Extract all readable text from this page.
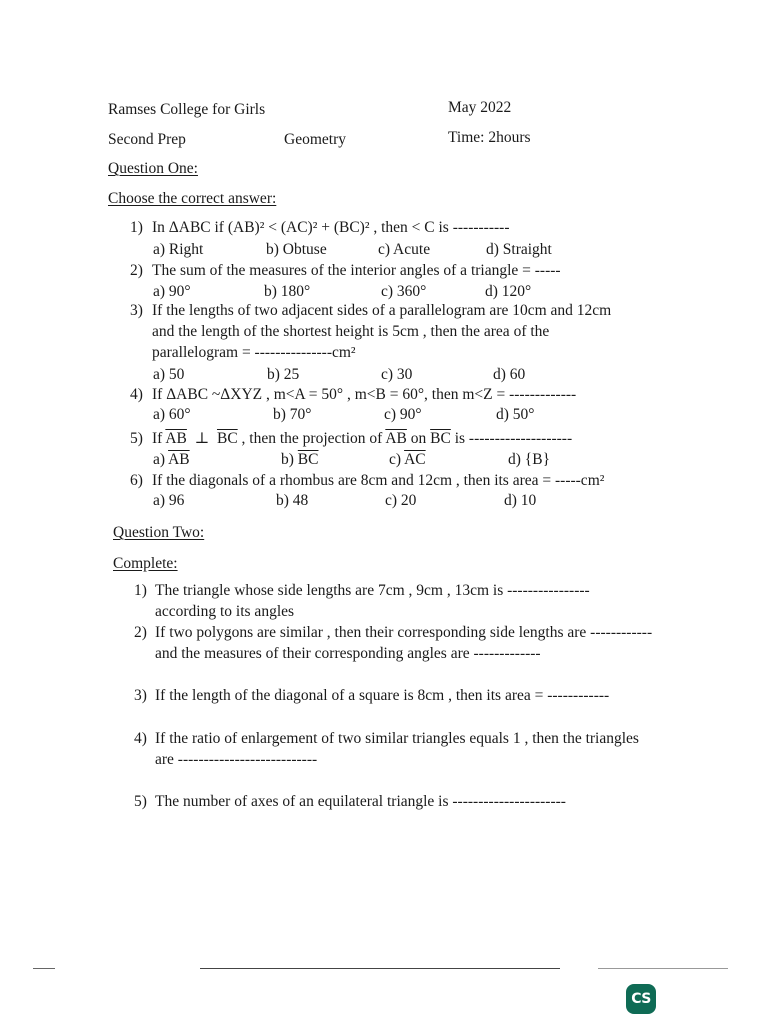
Ramses College for Girls	May 2022
Second Prep	Geometry	Time: 2hours
Question One:
Choose the correct answer:
1) In ΔABC if (AB)² < (AC)² + (BC)² , then < C is -----------
a) Right	b) Obtuse	c) Acute	d) Straight
2) The sum of the measures of the interior angles of a triangle = -----
a) 90°	b) 180°	c) 360°	d) 120°
3) If the lengths of two adjacent sides of a parallelogram are 10cm and 12cm
and the length of the shortest height is 5cm , then the area of the
parallelogram = ---------------cm²
a) 50	b) 25	c) 30	d) 60
4) If ΔABC ~ΔXYZ , m<A = 50° , m<B = 60°, then m<Z = -------------
a) 60°	b) 70°	c) 90°	d) 50°
5) If $\overline{AB}$ ⊥ $\overline{BC}$ , then the projection of $\overline{AB}$ on $\overline{BC}$ is --------------------
a) $\overline{AB}$	b) $\overline{BC}$	c) $\overline{AC}$	d) {B}
6) If the diagonals of a rhombus are 8cm and 12cm , then its area = -----cm²
a) 96	b) 48	c) 20	d) 10
Question Two:
Complete:
1) The triangle whose side lengths are 7cm , 9cm , 13cm is ----------------
according to its angles
2) If two polygons are similar , then their corresponding side lengths are ------------
and the measures of their corresponding angles are -------------
3) If the length of the diagonal of a square is 8cm , then its area = ------------
4) If the ratio of enlargement of two similar triangles equals 1 , then the triangles
are ---------------------------
5) The number of axes of an equilateral triangle is ----------------------
CS
